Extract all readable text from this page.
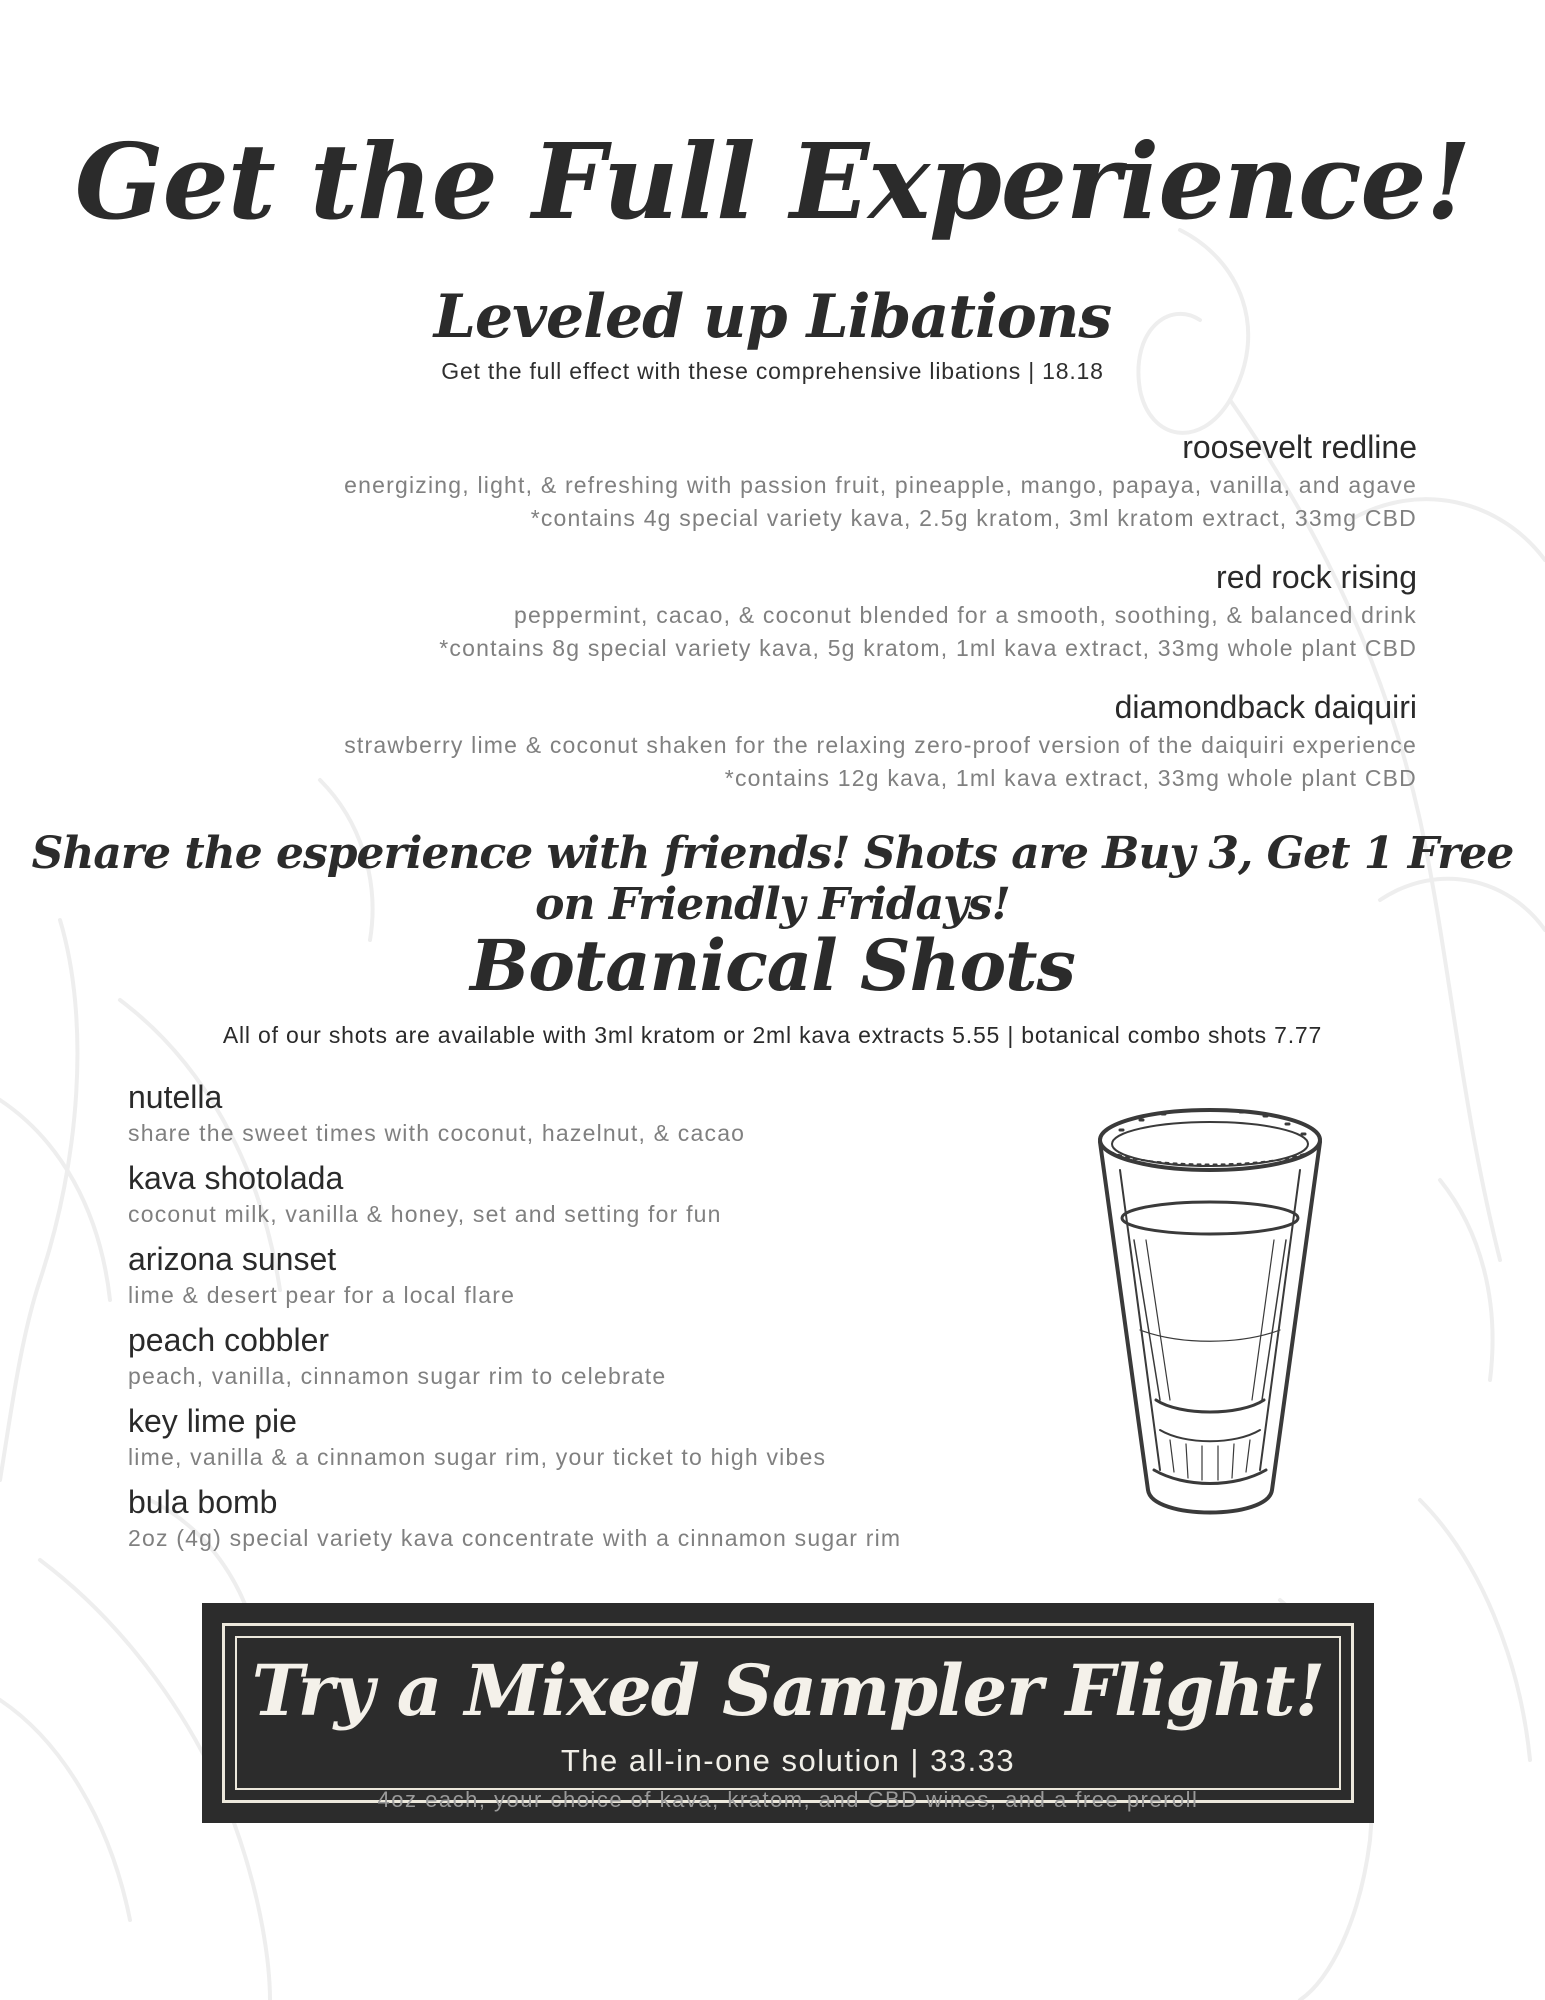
Get the Full Experience!
Leveled up Libations
Get the full effect with these comprehensive libations | 18.18
roosevelt redline
energizing, light, & refreshing with passion fruit, pineapple, mango, papaya, vanilla, and agave
*contains 4g special variety kava, 2.5g kratom, 3ml kratom extract, 33mg CBD
red rock rising
peppermint, cacao, & coconut blended for a smooth, soothing, & balanced drink
*contains 8g special variety kava, 5g kratom, 1ml kava extract, 33mg whole plant CBD
diamondback daiquiri
strawberry lime & coconut shaken for the relaxing zero-proof version of the daiquiri experience
*contains 12g kava, 1ml kava extract, 33mg whole plant CBD
Share the esperience with friends! Shots are Buy 3, Get 1 Free on Friendly Fridays!
Botanical Shots
All of our shots are available with 3ml kratom or 2ml kava extracts 5.55 | botanical combo shots 7.77
nutella
share the sweet times with coconut, hazelnut, & cacao
kava shotolada
coconut milk, vanilla & honey, set and setting for fun
arizona sunset
lime & desert pear for a local flare
peach cobbler
peach, vanilla, cinnamon sugar rim to celebrate
key lime pie
lime, vanilla & a cinnamon sugar rim, your ticket to high vibes
bula bomb
2oz (4g) special variety kava concentrate with a cinnamon sugar rim
Try a Mixed Sampler Flight!
The all-in-one solution | 33.33
4oz each, your choice of kava, kratom, and CBD wines, and a free preroll
